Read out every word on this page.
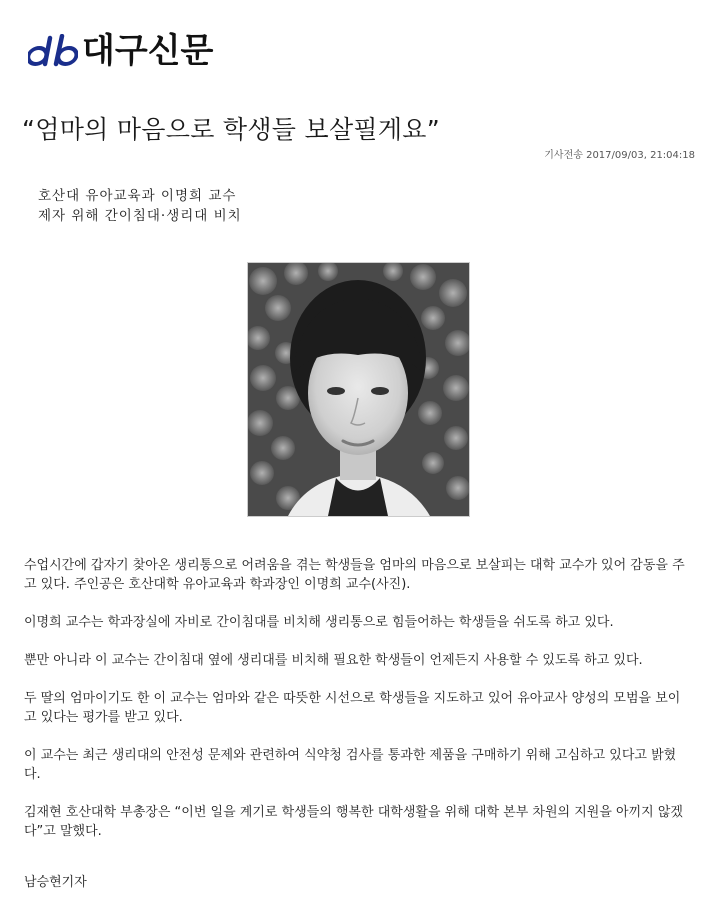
대구신문
“엄마의 마음으로 학생들 보살필게요”
기사전송 2017/09/03, 21:04:18
호산대 유아교육과 이명희 교수
제자 위해 간이침대·생리대 비치

수업시간에 갑자기 찾아온 생리통으로 어려움을 겪는 학생들을 엄마의 마음으로 보살피는 대학 교수가 있어 감동을 주고 있다. 주인공은 호산대학 유아교육과 학과장인 이명희 교수(사진).

이명희 교수는 학과장실에 자비로 간이침대를 비치해 생리통으로 힘들어하는 학생들을 쉬도록 하고 있다.

뿐만 아니라 이 교수는 간이침대 옆에 생리대를 비치해 필요한 학생들이 언제든지 사용할 수 있도록 하고 있다.

두 딸의 엄마이기도 한 이 교수는 엄마와 같은 따뜻한 시선으로 학생들을 지도하고 있어 유아교사 양성의 모범을 보이고 있다는 평가를 받고 있다.

이 교수는 최근 생리대의 안전성 문제와 관련하여 식약청 검사를 통과한 제품을 구매하기 위해 고심하고 있다고 밝혔다.

김재현 호산대학 부총장은 “이번 일을 계기로 학생들의 행복한 대학생활을 위해 대학 본부 차원의 지원을 아끼지 않겠다”고 말했다.

남승현기자
